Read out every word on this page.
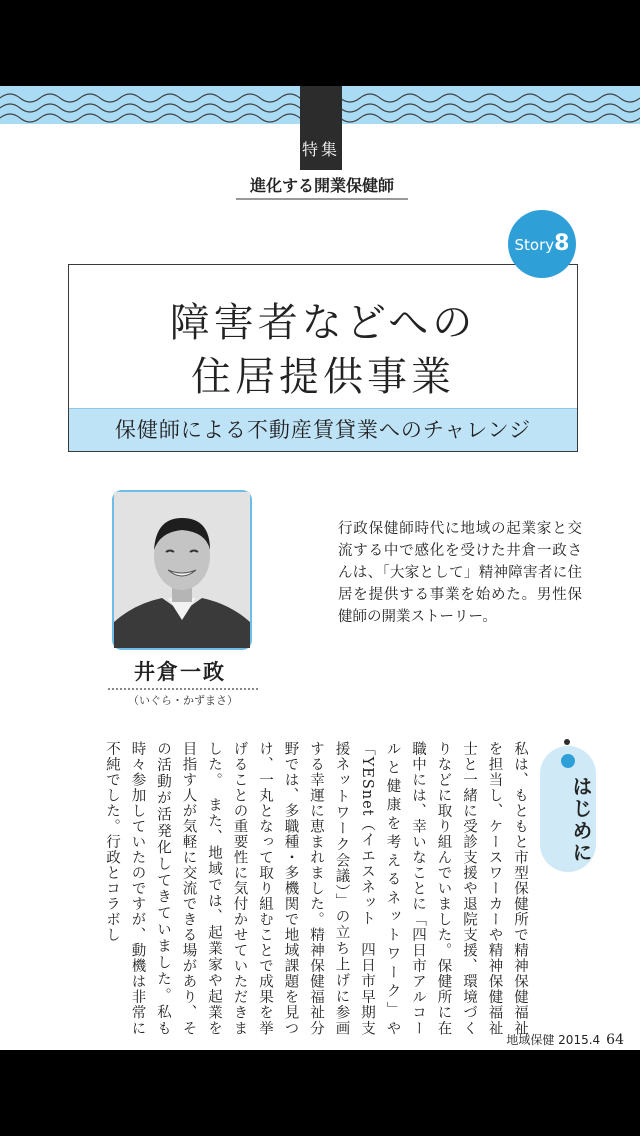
特集
進化する開業保健師
障害者などへの
住居提供事業
保健師による不動産賃貸業へのチャレンジ
Story8
井倉一政
（いぐら・かずまさ）
行政保健師時代に地域の起業家と交流する中で感化を受けた井倉一政さんは、「大家として」精神障害者に住居を提供する事業を始めた。男性保健師の開業ストーリー。
はじめに
私は、もともと市型保健所で精神保健福祉を担当し、ケースワーカーや精神保健福祉士と一緒に受診支援や退院支援、環境づくりなどに取り組んでいました。保健所に在職中には、幸いなことに「四日市アルコールと健康を考えるネットワーク」や「YESnet（イエスネット　四日市早期支援ネットワーク会議）」の立ち上げに参画する幸運に恵まれました。精神保健福祉分野では、多職種・多機関で地域課題を見つけ、一丸となって取り組むことで成果を挙げることの重要性に気付かせていただきました。　また、地域では、起業家や起業を目指す人が気軽に交流できる場があり、その活動が活発化してきていました。私も時々参加していたのですが、動機は非常に不純でした。行政とコラボし
地域保健 2015.4 64
